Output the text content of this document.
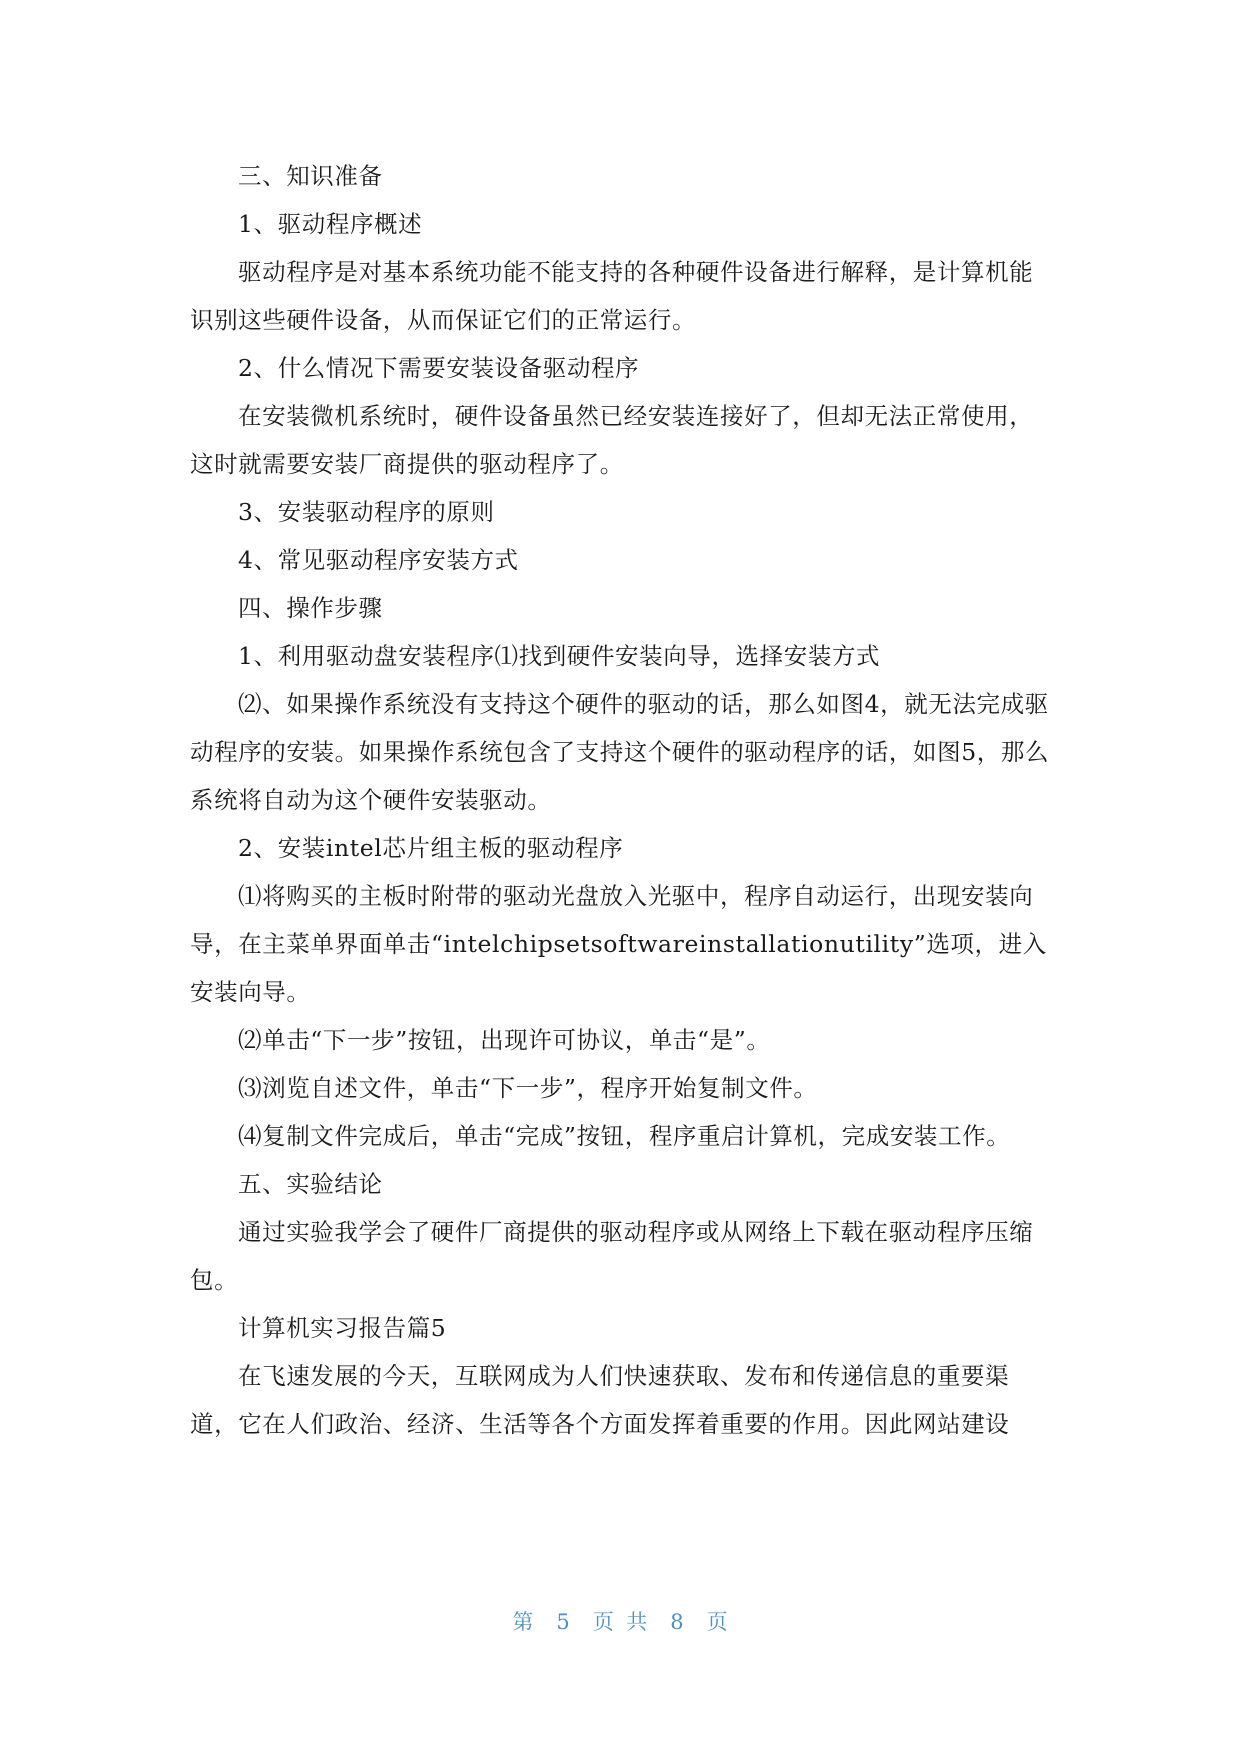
三、知识准备

1、驱动程序概述

驱动程序是对基本系统功能不能支持的各种硬件设备进行解释，是计算机能识别这些硬件设备，从而保证它们的正常运行。

2、什么情况下需要安装设备驱动程序

在安装微机系统时，硬件设备虽然已经安装连接好了，但却无法正常使用，这时就需要安装厂商提供的驱动程序了。

3、安装驱动程序的原则

4、常见驱动程序安装方式

四、操作步骤

1、利用驱动盘安装程序⑴找到硬件安装向导，选择安装方式

⑵、如果操作系统没有支持这个硬件的驱动的话，那么如图4，就无法完成驱动程序的安装。如果操作系统包含了支持这个硬件的驱动程序的话，如图5，那么系统将自动为这个硬件安装驱动。

2、安装intel芯片组主板的驱动程序

⑴将购买的主板时附带的驱动光盘放入光驱中，程序自动运行，出现安装向导，在主菜单界面单击“intelchipsetsoftwareinstallationutility”选项，进入安装向导。

⑵单击“下一步”按钮，出现许可协议，单击“是”。

⑶浏览自述文件，单击“下一步”，程序开始复制文件。

⑷复制文件完成后，单击“完成”按钮，程序重启计算机，完成安装工作。

五、实验结论

通过实验我学会了硬件厂商提供的驱动程序或从网络上下载在驱动程序压缩包。

计算机实习报告篇5

在飞速发展的今天，互联网成为人们快速获取、发布和传递信息的重要渠道，它在人们政治、经济、生活等各个方面发挥着重要的作用。因此网站建设

第 5 页 共 8 页
